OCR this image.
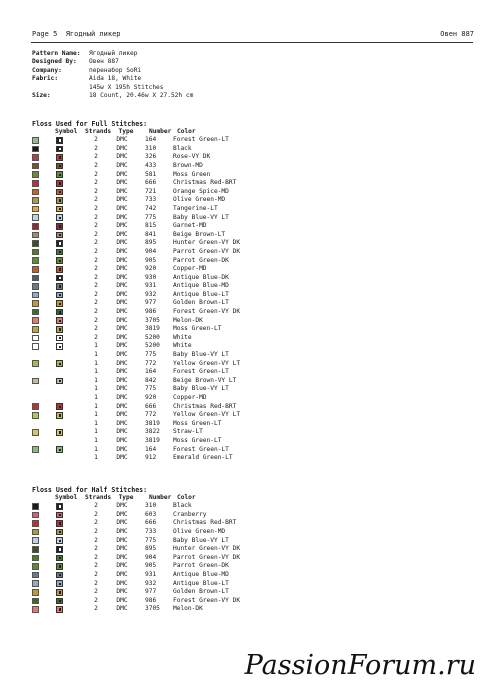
Page 5  Ягодный ликер	Овен 887
Pattern Name:	Ягодный ликер
Designed By:	Овен 887
Company:	перенабор SoRi
Fabric:	Aida 18, White
145w X 195h Stitches
Size:	18 Count, 20.46w X 27.52h cm
Floss Used for Full Stitches:
Symbol	Strands	Type	Number Color
2	DMC	164	Forest Green-LT
2	DMC	310	Black
2	DMC	326	Rose-VY DK
2	DMC	433	Brown-MD
2	DMC	581	Moss Green
2	DMC	666	Christmas Red-BRT
2	DMC	721	Orange Spice-MD
2	DMC	733	Olive Green-MD
2	DMC	742	Tangerine-LT
2	DMC	775	Baby Blue-VY LT
2	DMC	815	Garnet-MD
2	DMC	841	Beige Brown-LT
2	DMC	895	Hunter Green-VY DK
2	DMC	904	Parrot Green-VY DK
2	DMC	905	Parrot Green-DK
2	DMC	920	Copper-MD
2	DMC	930	Antique Blue-DK
2	DMC	931	Antique Blue-MD
2	DMC	932	Antique Blue-LT
2	DMC	977	Golden Brown-LT
2	DMC	986	Forest Green-VY DK
2	DMC	3705	Melon-DK
2	DMC	3819	Moss Green-LT
2	DMC	5200	White
1	DMC	5200	White
1	DMC	775	Baby Blue-VY LT
1	DMC	772	Yellow Green-VY LT
1	DMC	164	Forest Green-LT
1	DMC	842	Beige Brown-VY LT
1	DMC	775	Baby Blue-VY LT
1	DMC	920	Copper-MD
1	DMC	666	Christmas Red-BRT
1	DMC	772	Yellow Green-VY LT
1	DMC	3819	Moss Green-LT
1	DMC	3822	Straw-LT
1	DMC	3819	Moss Green-LT
1	DMC	164	Forest Green-LT
1	DMC	912	Emerald Green-LT
Floss Used for Half Stitches:
Symbol	Strands	Type	Number Color
2	DMC	310	Black
2	DMC	603	Cranberry
2	DMC	666	Christmas Red-BRT
2	DMC	733	Olive Green-MD
2	DMC	775	Baby Blue-VY LT
2	DMC	895	Hunter Green-VY DK
2	DMC	904	Parrot Green-VY DK
2	DMC	905	Parrot Green-DK
2	DMC	931	Antique Blue-MD
2	DMC	932	Antique Blue-LT
2	DMC	977	Golden Brown-LT
2	DMC	986	Forest Green-VY DK
2	DMC	3705	Melon-DK
PassionForum.ru
